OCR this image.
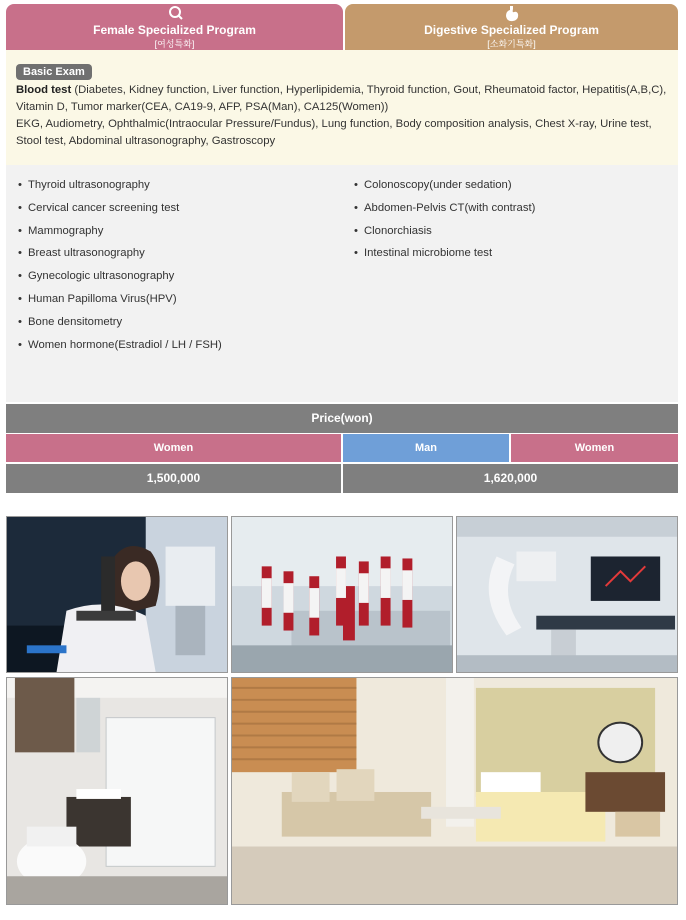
Female Specialized Program
[여성특화]
Digestive Specialized Program
[소화기특화]
Basic Exam
Blood test (Diabetes, Kidney function, Liver function, Hyperlipidemia, Thyroid function, Gout, Rheumatoid factor, Hepatitis(A,B,C), Vitamin D, Tumor marker(CEA, CA19-9, AFP, PSA(Man), CA125(Women))
EKG, Audiometry, Ophthalmic(Intraocular Pressure/Fundus), Lung function, Body composition analysis, Chest X-ray, Urine test, Stool test, Abdominal ultrasonography, Gastroscopy
• Thyroid ultrasonography
• Cervical cancer screening test
• Mammography
• Breast ultrasonography
• Gynecologic ultrasonography
• Human Papilloma Virus(HPV)
• Bone densitometry
• Women hormone(Estradiol / LH / FSH)
• Colonoscopy(under sedation)
• Abdomen-Pelvis CT(with contrast)
• Clonorchiasis
• Intestinal microbiome test
Price(won)
Women	Man	Women
1,500,000	1,620,000
